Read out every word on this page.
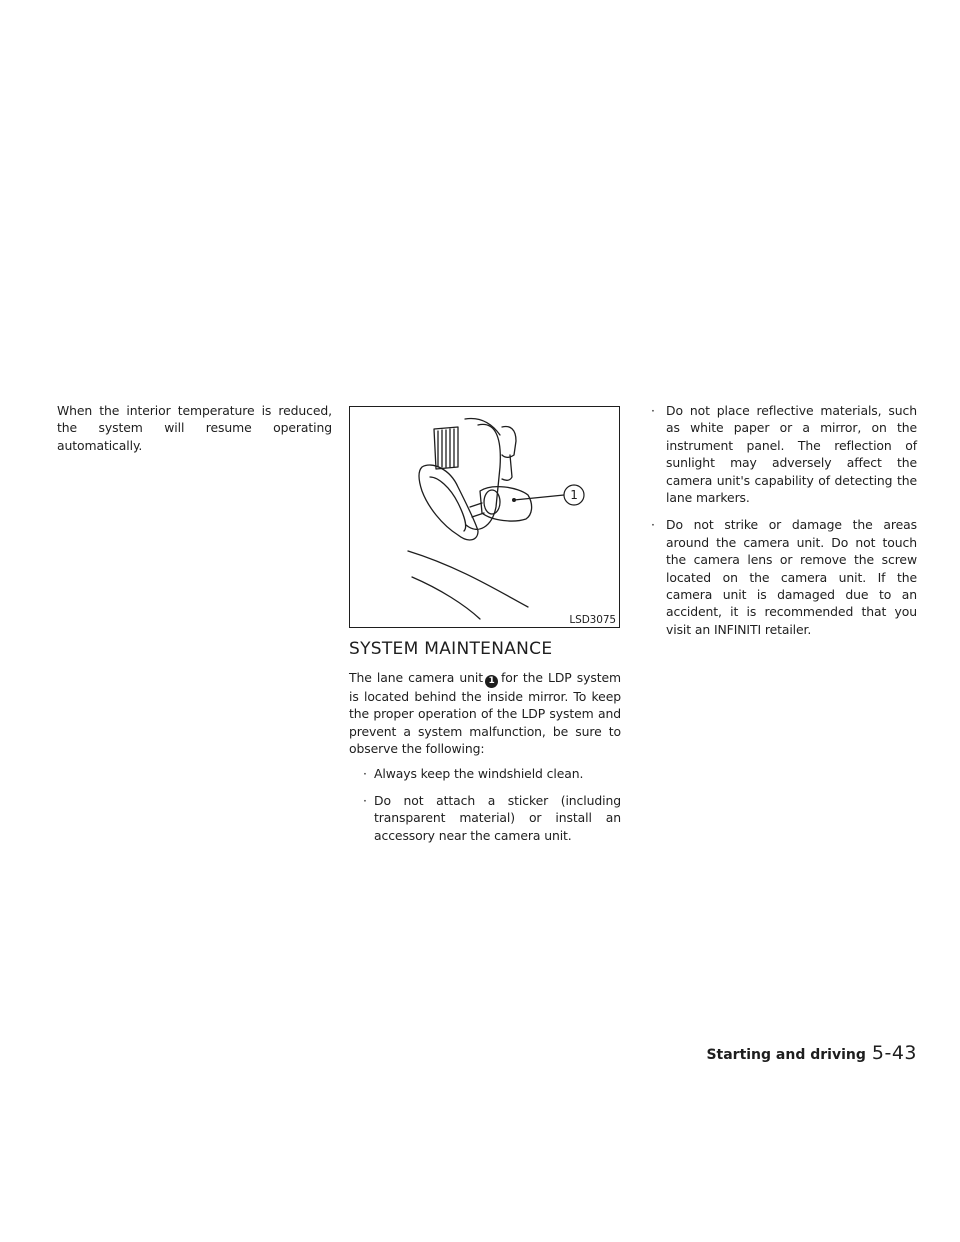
When the interior temperature is reduced, the system will resume operating automatically.

1
LSD3075
SYSTEM MAINTENANCE

The lane camera unit 1 for the LDP system is located behind the inside mirror. To keep the proper operation of the LDP system and prevent a system malfunction, be sure to observe the following:

· Always keep the windshield clean.
· Do not attach a sticker (including transparent material) or install an accessory near the camera unit.
· Do not place reflective materials, such as white paper or a mirror, on the instrument panel. The reflection of sunlight may adversely affect the camera unit's capability of detecting the lane markers.
· Do not strike or damage the areas around the camera unit. Do not touch the camera lens or remove the screw located on the camera unit. If the camera unit is damaged due to an accident, it is recommended that you visit an INFINITI retailer.
Starting and driving 5-43
